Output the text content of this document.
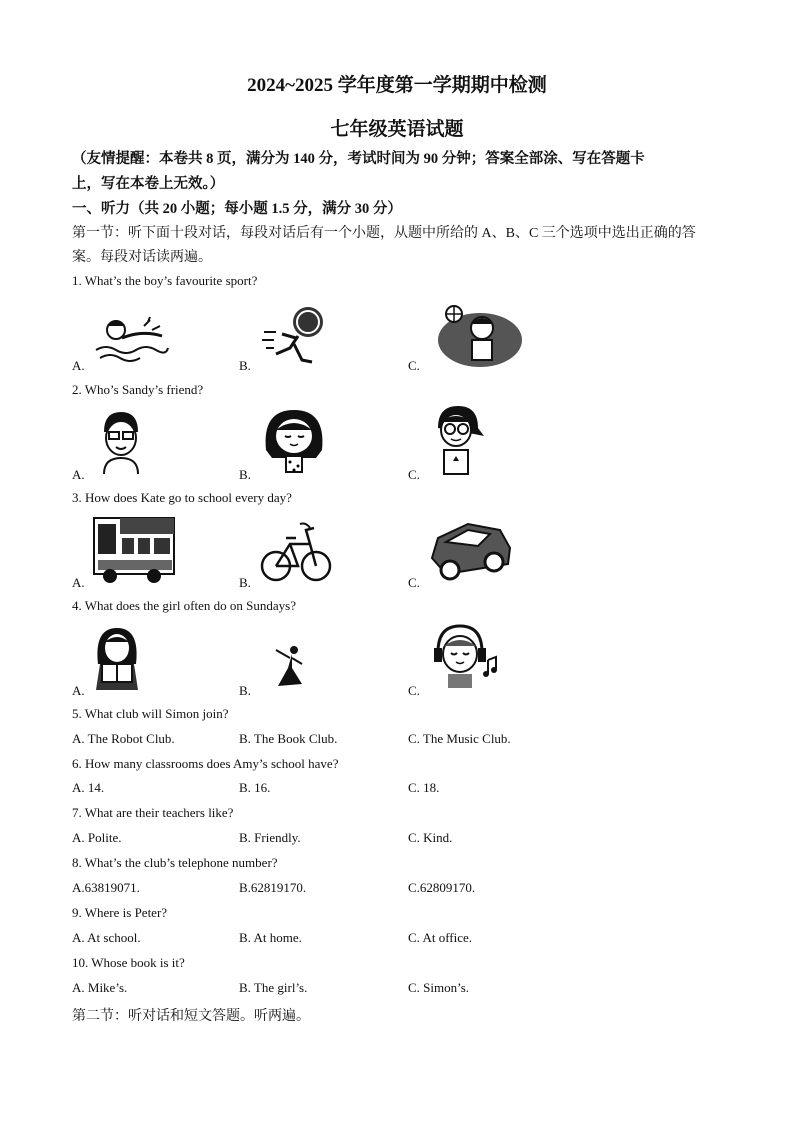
2024~2025 学年度第一学期期中检测
七年级英语试题
（友情提醒：本卷共 8 页，满分为 140 分，考试时间为 90 分钟；答案全部涂、写在答题卡
上，写在本卷上无效。）
一、听力（共 20 小题；每小题 1.5 分，满分 30 分）
第一节：听下面十段对话，每段对话后有一个小题，从题中所给的 A、B、C 三个选项中选出正确的答
案。每段对话读两遍。
1. What’s the boy’s favourite sport?
A.	B.	C.
2. Who’s Sandy’s friend?
A.	B.	C.
3. How does Kate go to school every day?
A.	B.	C.
4. What does the girl often do on Sundays?
A.	B.	C.
5. What club will Simon join?
A. The Robot Club.	B. The Book Club.	C. The Music Club.
6. How many classrooms does Amy’s school have?
A. 14.	B. 16.	C. 18.
7. What are their teachers like?
A. Polite.	B. Friendly.	C. Kind.
8. What’s the club’s telephone number?
A.63819071.	B.62819170.	C.62809170.
9. Where is Peter?
A. At school.	B. At home.	C. At office.
10. Whose book is it?
A. Mike’s.	B. The girl’s.	C. Simon’s.
第二节：听对话和短文答题。听两遍。
